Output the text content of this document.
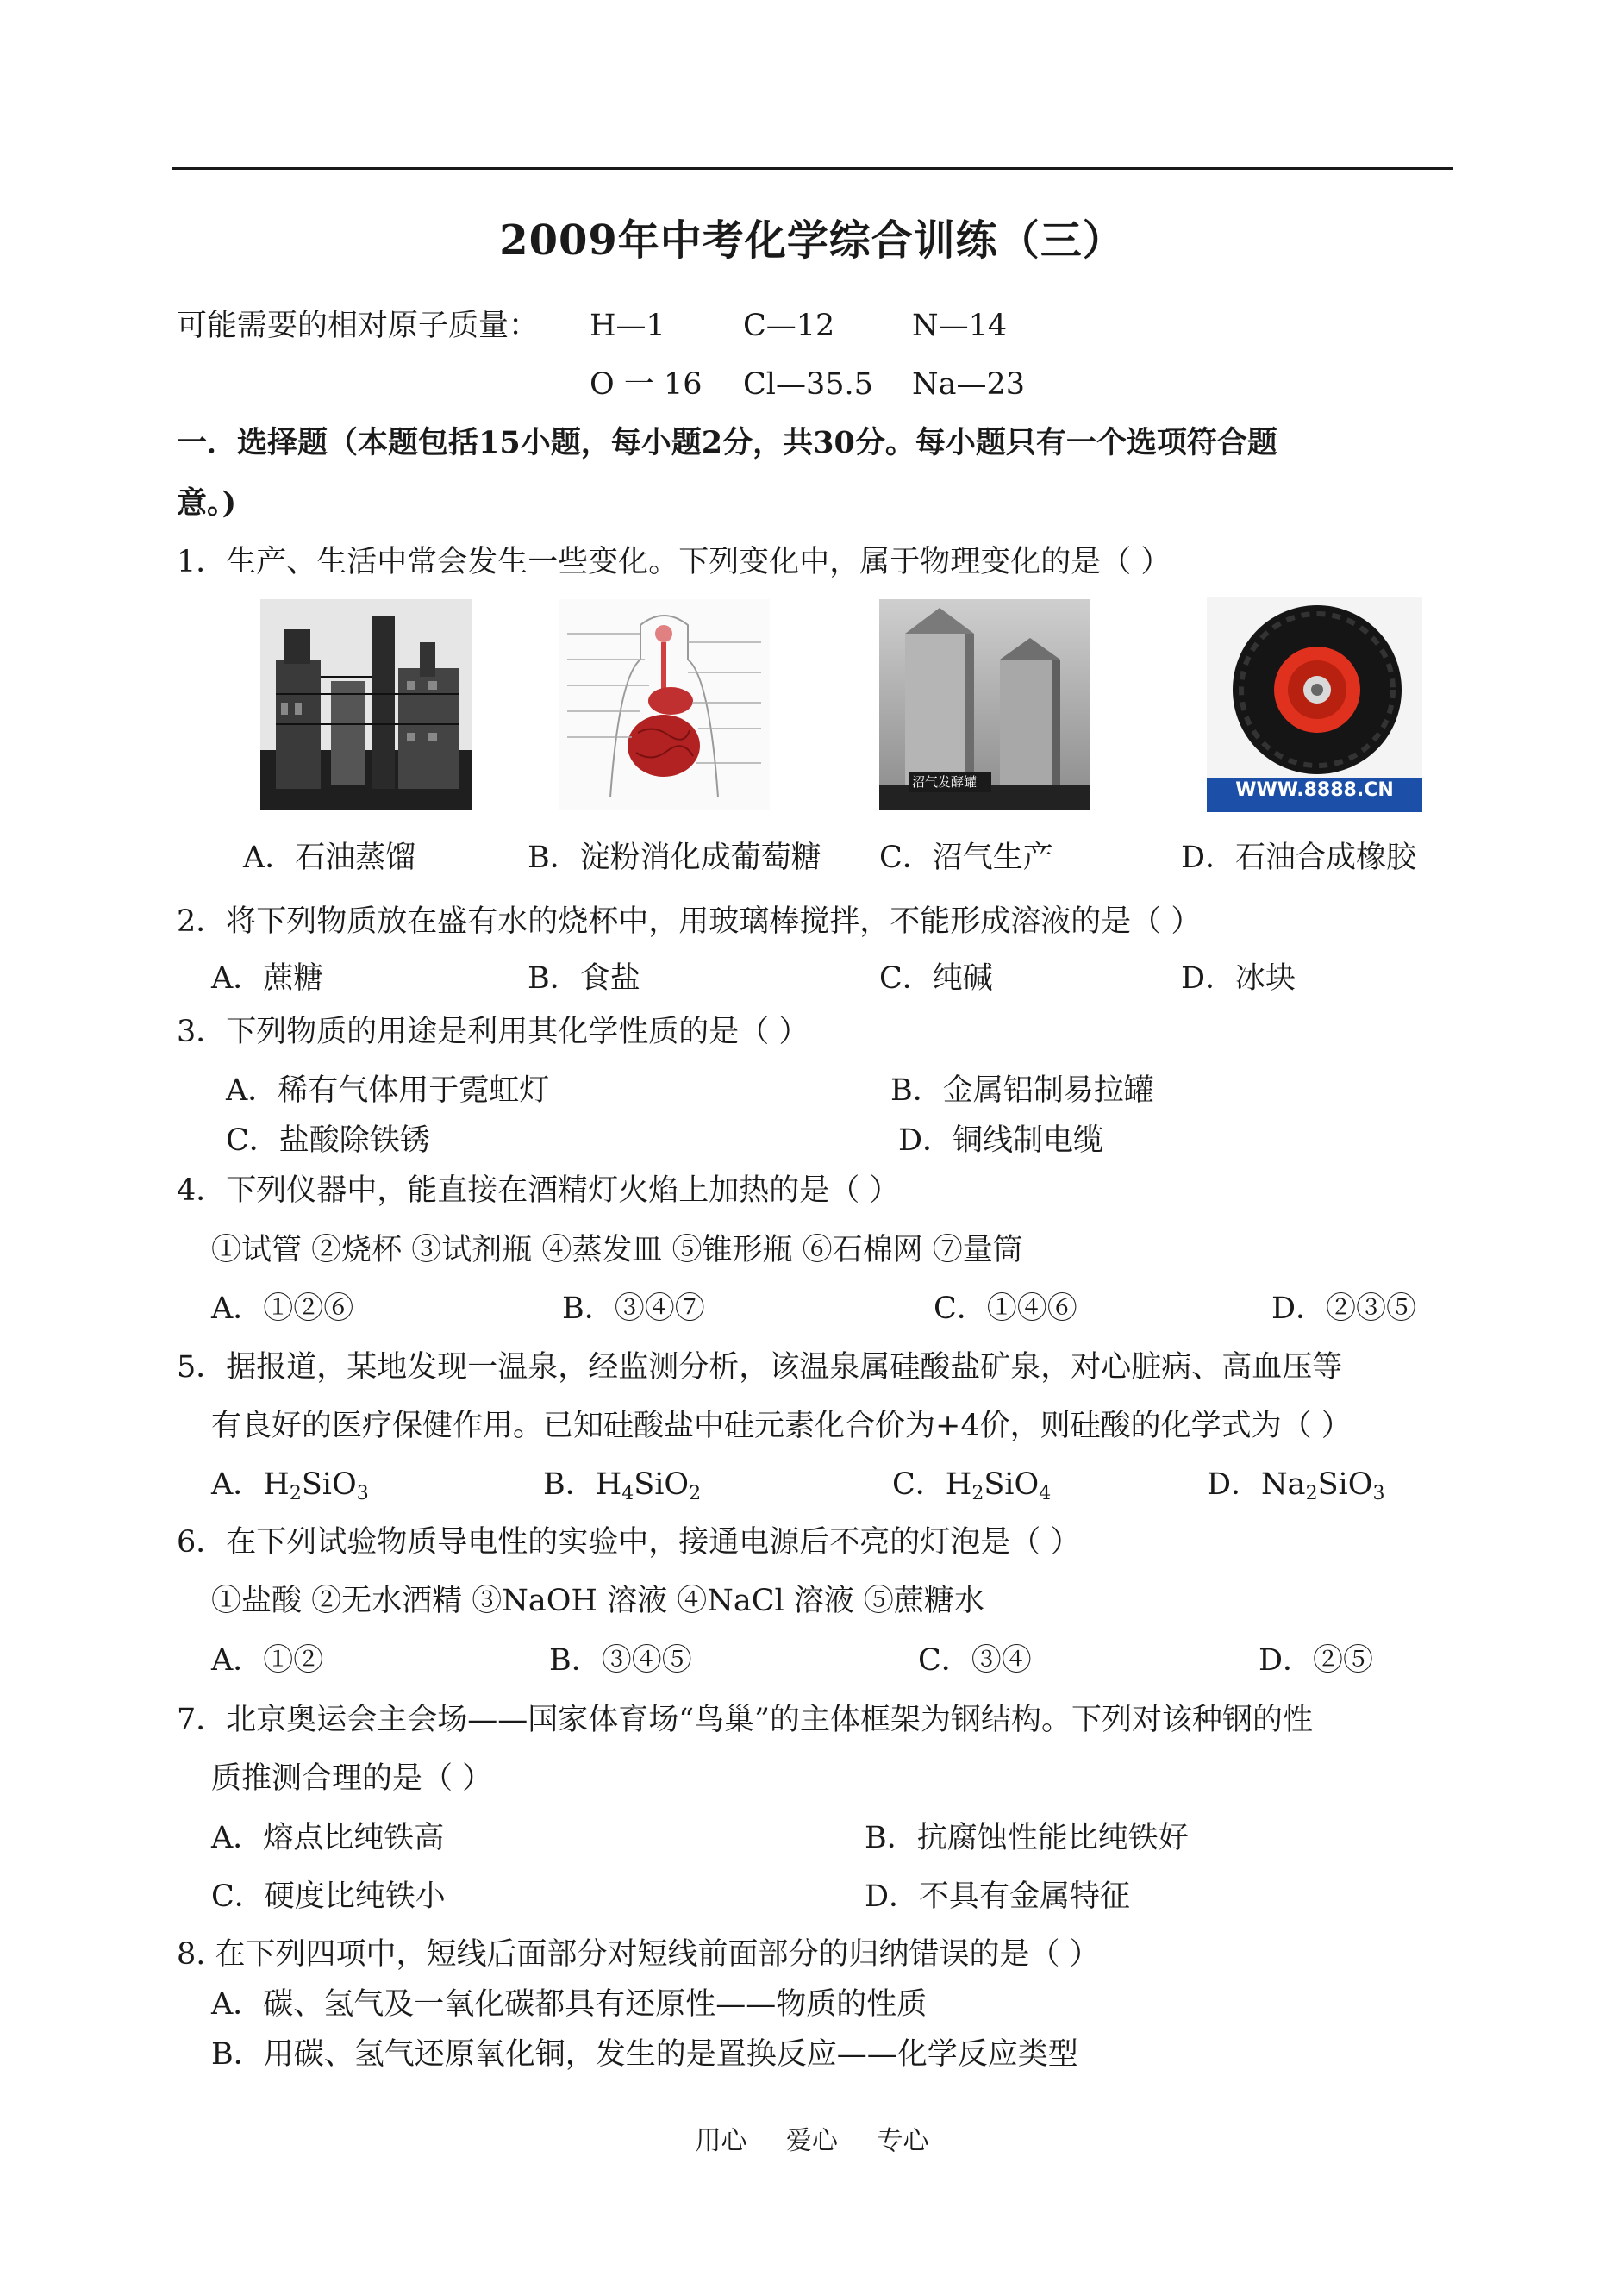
2009年中考化学综合训练（三）
可能需要的相对原子质量： H—1	C—12	N—14
O 一 16 Cl—35.5 Na—23
一．选择题（本题包括15小题，每小题2分，共30分。每小题只有一个选项符合题
意。)
1．生产、生活中常会发生一些变化。下列变化中，属于物理变化的是（ ）
沼气发酵罐	WWW.8888.CN
A．石油蒸馏	B．淀粉消化成葡萄糖 C．沼气生产	D．石油合成橡胶
2．将下列物质放在盛有水的烧杯中，用玻璃棒搅拌，不能形成溶液的是（ ）
A．蔗糖	B．食盐	C．纯碱	D．冰块
3．下列物质的用途是利用其化学性质的是（ ）
A．稀有气体用于霓虹灯	B．金属铝制易拉罐
C．盐酸除铁锈	D．铜线制电缆
4．下列仪器中，能直接在酒精灯火焰上加热的是（ ）
①试管 ②烧杯 ③试剂瓶 ④蒸发皿 ⑤锥形瓶 ⑥石棉网 ⑦量筒
A．①②⑥	B．③④⑦	C．①④⑥	D．②③⑤
5．据报道，某地发现一温泉，经监测分析，该温泉属硅酸盐矿泉，对心脏病、高血压等
有良好的医疗保健作用。已知硅酸盐中硅元素化合价为+4价，则硅酸的化学式为（ ）
A．$H_2SiO_3$	B．$H_4SiO_2$	C．$H_2SiO_4$	D．$Na_2SiO_3$
6．在下列试验物质导电性的实验中，接通电源后不亮的灯泡是（ ）
①盐酸 ②无水酒精 ③NaOH 溶液 ④NaCl 溶液 ⑤蔗糖水
A．①②	B．③④⑤	C．③④	D．②⑤
7．北京奥运会主会场——国家体育场“鸟巢”的主体框架为钢结构。下列对该种钢的性
质推测合理的是（ ）
A．熔点比纯铁高	B．抗腐蚀性能比纯铁好
C．硬度比纯铁小	D．不具有金属特征
8. 在下列四项中，短线后面部分对短线前面部分的归纳错误的是（ ）
A．碳、氢气及一氧化碳都具有还原性——物质的性质
B．用碳、氢气还原氧化铜，发生的是置换反应——化学反应类型
用心 爱心 专心
